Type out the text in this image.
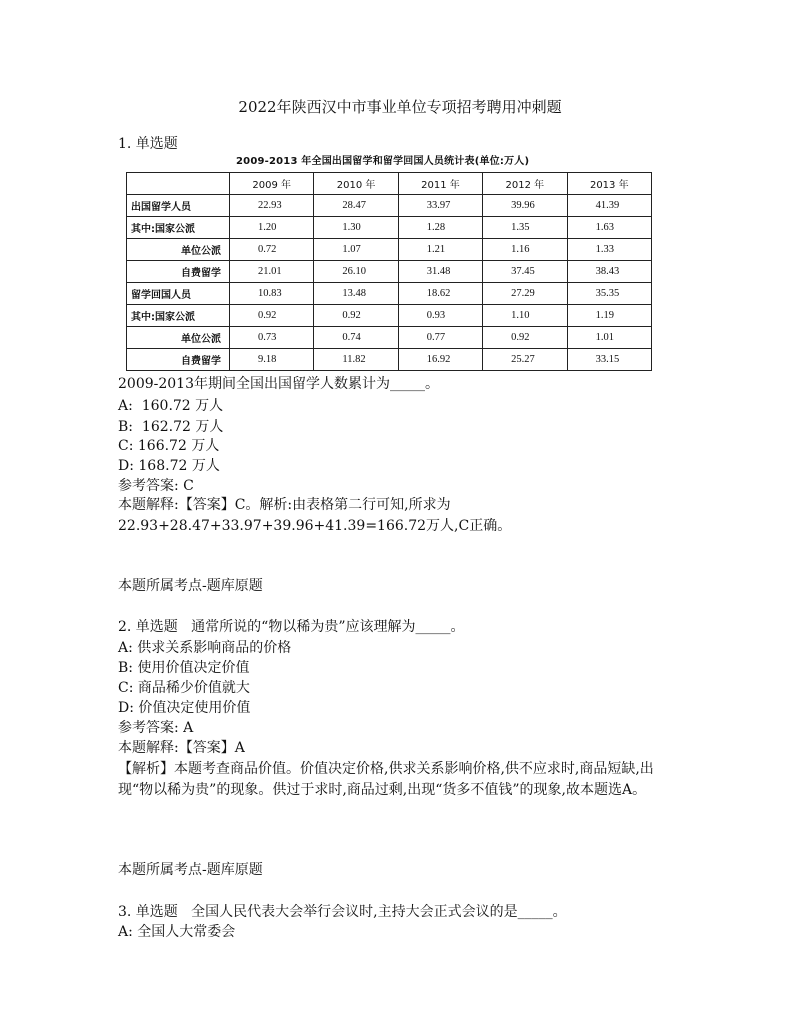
2022年陕西汉中市事业单位专项招考聘用冲刺题
1. 单选题
2009-2013 年全国出国留学和留学回国人员统计表(单位:万人)
	2009 年	2010 年	2011 年	2012 年	2013 年
出国留学人员	22.93	28.47	33.97	39.96	41.39
其中:国家公派	1.20	1.30	1.28	1.35	1.63
单位公派	0.72	1.07	1.21	1.16	1.33
自费留学	21.01	26.10	31.48	37.45	38.43
留学回国人员	10.83	13.48	18.62	27.29	35.35
其中:国家公派	0.92	0.92	0.93	1.10	1.19
单位公派	0.73	0.74	0.77	0.92	1.01
自费留学	9.18	11.82	16.92	25.27	33.15
2009-2013年期间全国出国留学人数累计为_____。
A:  160.72 万人
B:  162.72 万人
C: 166.72 万人
D: 168.72 万人
参考答案: C
本题解释:【答案】C。解析:由表格第二行可知,所求为22.93+28.47+33.97+39.96+41.39=166.72万人,C正确。
本题所属考点-题库原题
2. 单选题   通常所说的“物以稀为贵”应该理解为_____。
A: 供求关系影响商品的价格
B: 使用价值决定价值
C: 商品稀少价值就大
D: 价值决定使用价值
参考答案: A
本题解释:【答案】A
【解析】本题考查商品价值。价值决定价格,供求关系影响价格,供不应求时,商品短缺,出现“物以稀为贵”的现象。供过于求时,商品过剩,出现“货多不值钱”的现象,故本题选A。
本题所属考点-题库原题
3. 单选题   全国人民代表大会举行会议时,主持大会正式会议的是_____。
A: 全国人大常委会
